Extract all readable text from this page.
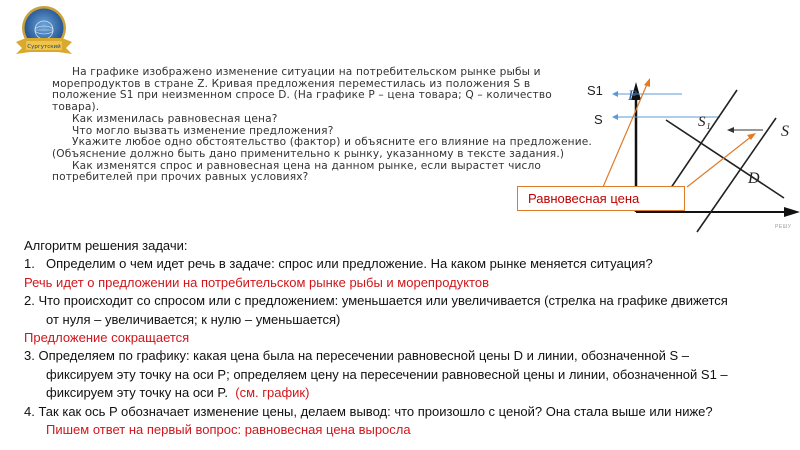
Сургутский

На графике изображено изменение ситуации на потребительском рынке рыбы и морепродуктов в стране Z. Кривая предложения переместилась из положения S в положение S1 при неизменном спросе D. (На графике P – цена товара; Q – количество товара).

Как изменилась равновесная цена?

Что могло вызвать изменение предложения?

Укажите любое одно обстоятельство (фактор) и объясните его влияние на предложение. (Объяснение должно быть дано применительно к рынку, указанному в тексте задания.)

Как изменятся спрос и равновесная цена на данном рынке, если вырастет число потребителей при прочих равных условиях?

P
S₁
S
D
S1
S
Равновесная цена
РЕШУ
Алгоритм решения задачи:
1. Определим о чем идет речь в задаче: спрос или предложение. На каком рынке меняется ситуация?
Речь идет о предложении на потребительском рынке рыбы и морепродуктов
2. Что происходит со спросом или с предложением: уменьшается или увеличивается (стрелка на графике движется
от нуля – увеличивается; к нулю – уменьшается)
Предложение сокращается
3. Определяем по графику: какая цена была на пересечении равновесной цены D и линии, обозначенной S –
фиксируем эту точку на оси P; определяем цену на пересечении равновесной цены и линии, обозначенной S1 –
фиксируем эту точку на оси P. (см. график)
4. Так как ось P обозначает изменение цены, делаем вывод: что произошло с ценой? Она стала выше или ниже?
Пишем ответ на первый вопрос: равновесная цена выросла
